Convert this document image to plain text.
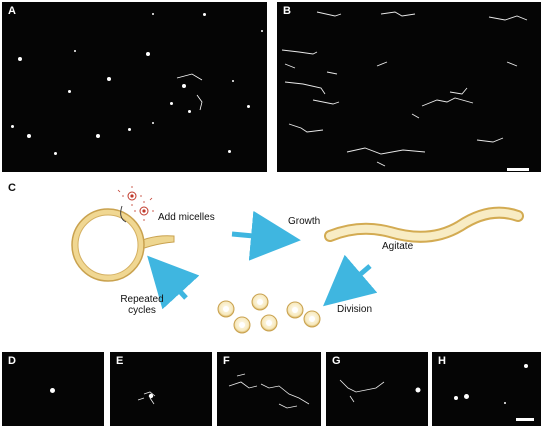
A	B
C
Add micelles	Growth
Agitate
Division
Repeated
cycles
D	E	F	G	H
